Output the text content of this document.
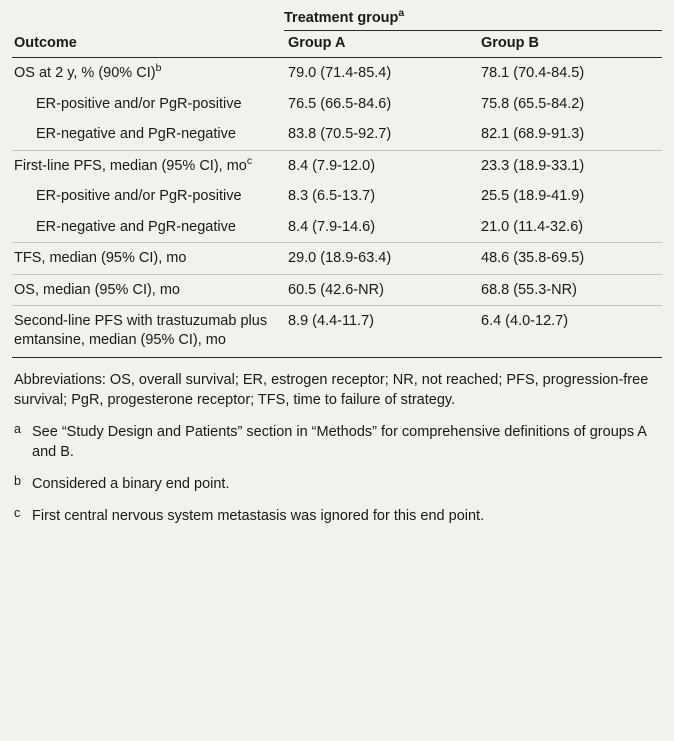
	Treatment group$^a$
Outcome	Group A	Group B

OS at 2 y, % (90% CI)$^b$	79.0 (71.4-85.4)	78.1 (70.4-84.5)
ER-positive and/or PgR-positive	76.5 (66.5-84.6)	75.8 (65.5-84.2)
ER-negative and PgR-negative	83.8 (70.5-92.7)	82.1 (68.9-91.3)

First-line PFS, median (95% CI), $mo^c$	8.4 (7.9-12.0)	23.3 (18.9-33.1)
ER-positive and/or PgR-positive	8.3 (6.5-13.7)	25.5 (18.9-41.9)
ER-negative and PgR-negative	8.4 (7.9-14.6)	21.0 (11.4-32.6)

TFS, median (95% CI), mo	29.0 (18.9-63.4)	48.6 (35.8-69.5)

OS, median (95% CI), mo	60.5 (42.6-NR)	68.8 (55.3-NR)

Second-line PFS with trastuzumab plus emtansine, median (95% CI), mo	8.9 (4.4-11.7)	6.4 (4.0-12.7)

Abbreviations: OS, overall survival; ER, estrogen receptor; NR, not reached; PFS, progression-free survival; PgR, progesterone receptor; TFS, time to failure of strategy.

a See “Study Design and Patients” section in “Methods” for comprehensive definitions of groups A and B.
b Considered a binary end point.
c First central nervous system metastasis was ignored for this end point.
